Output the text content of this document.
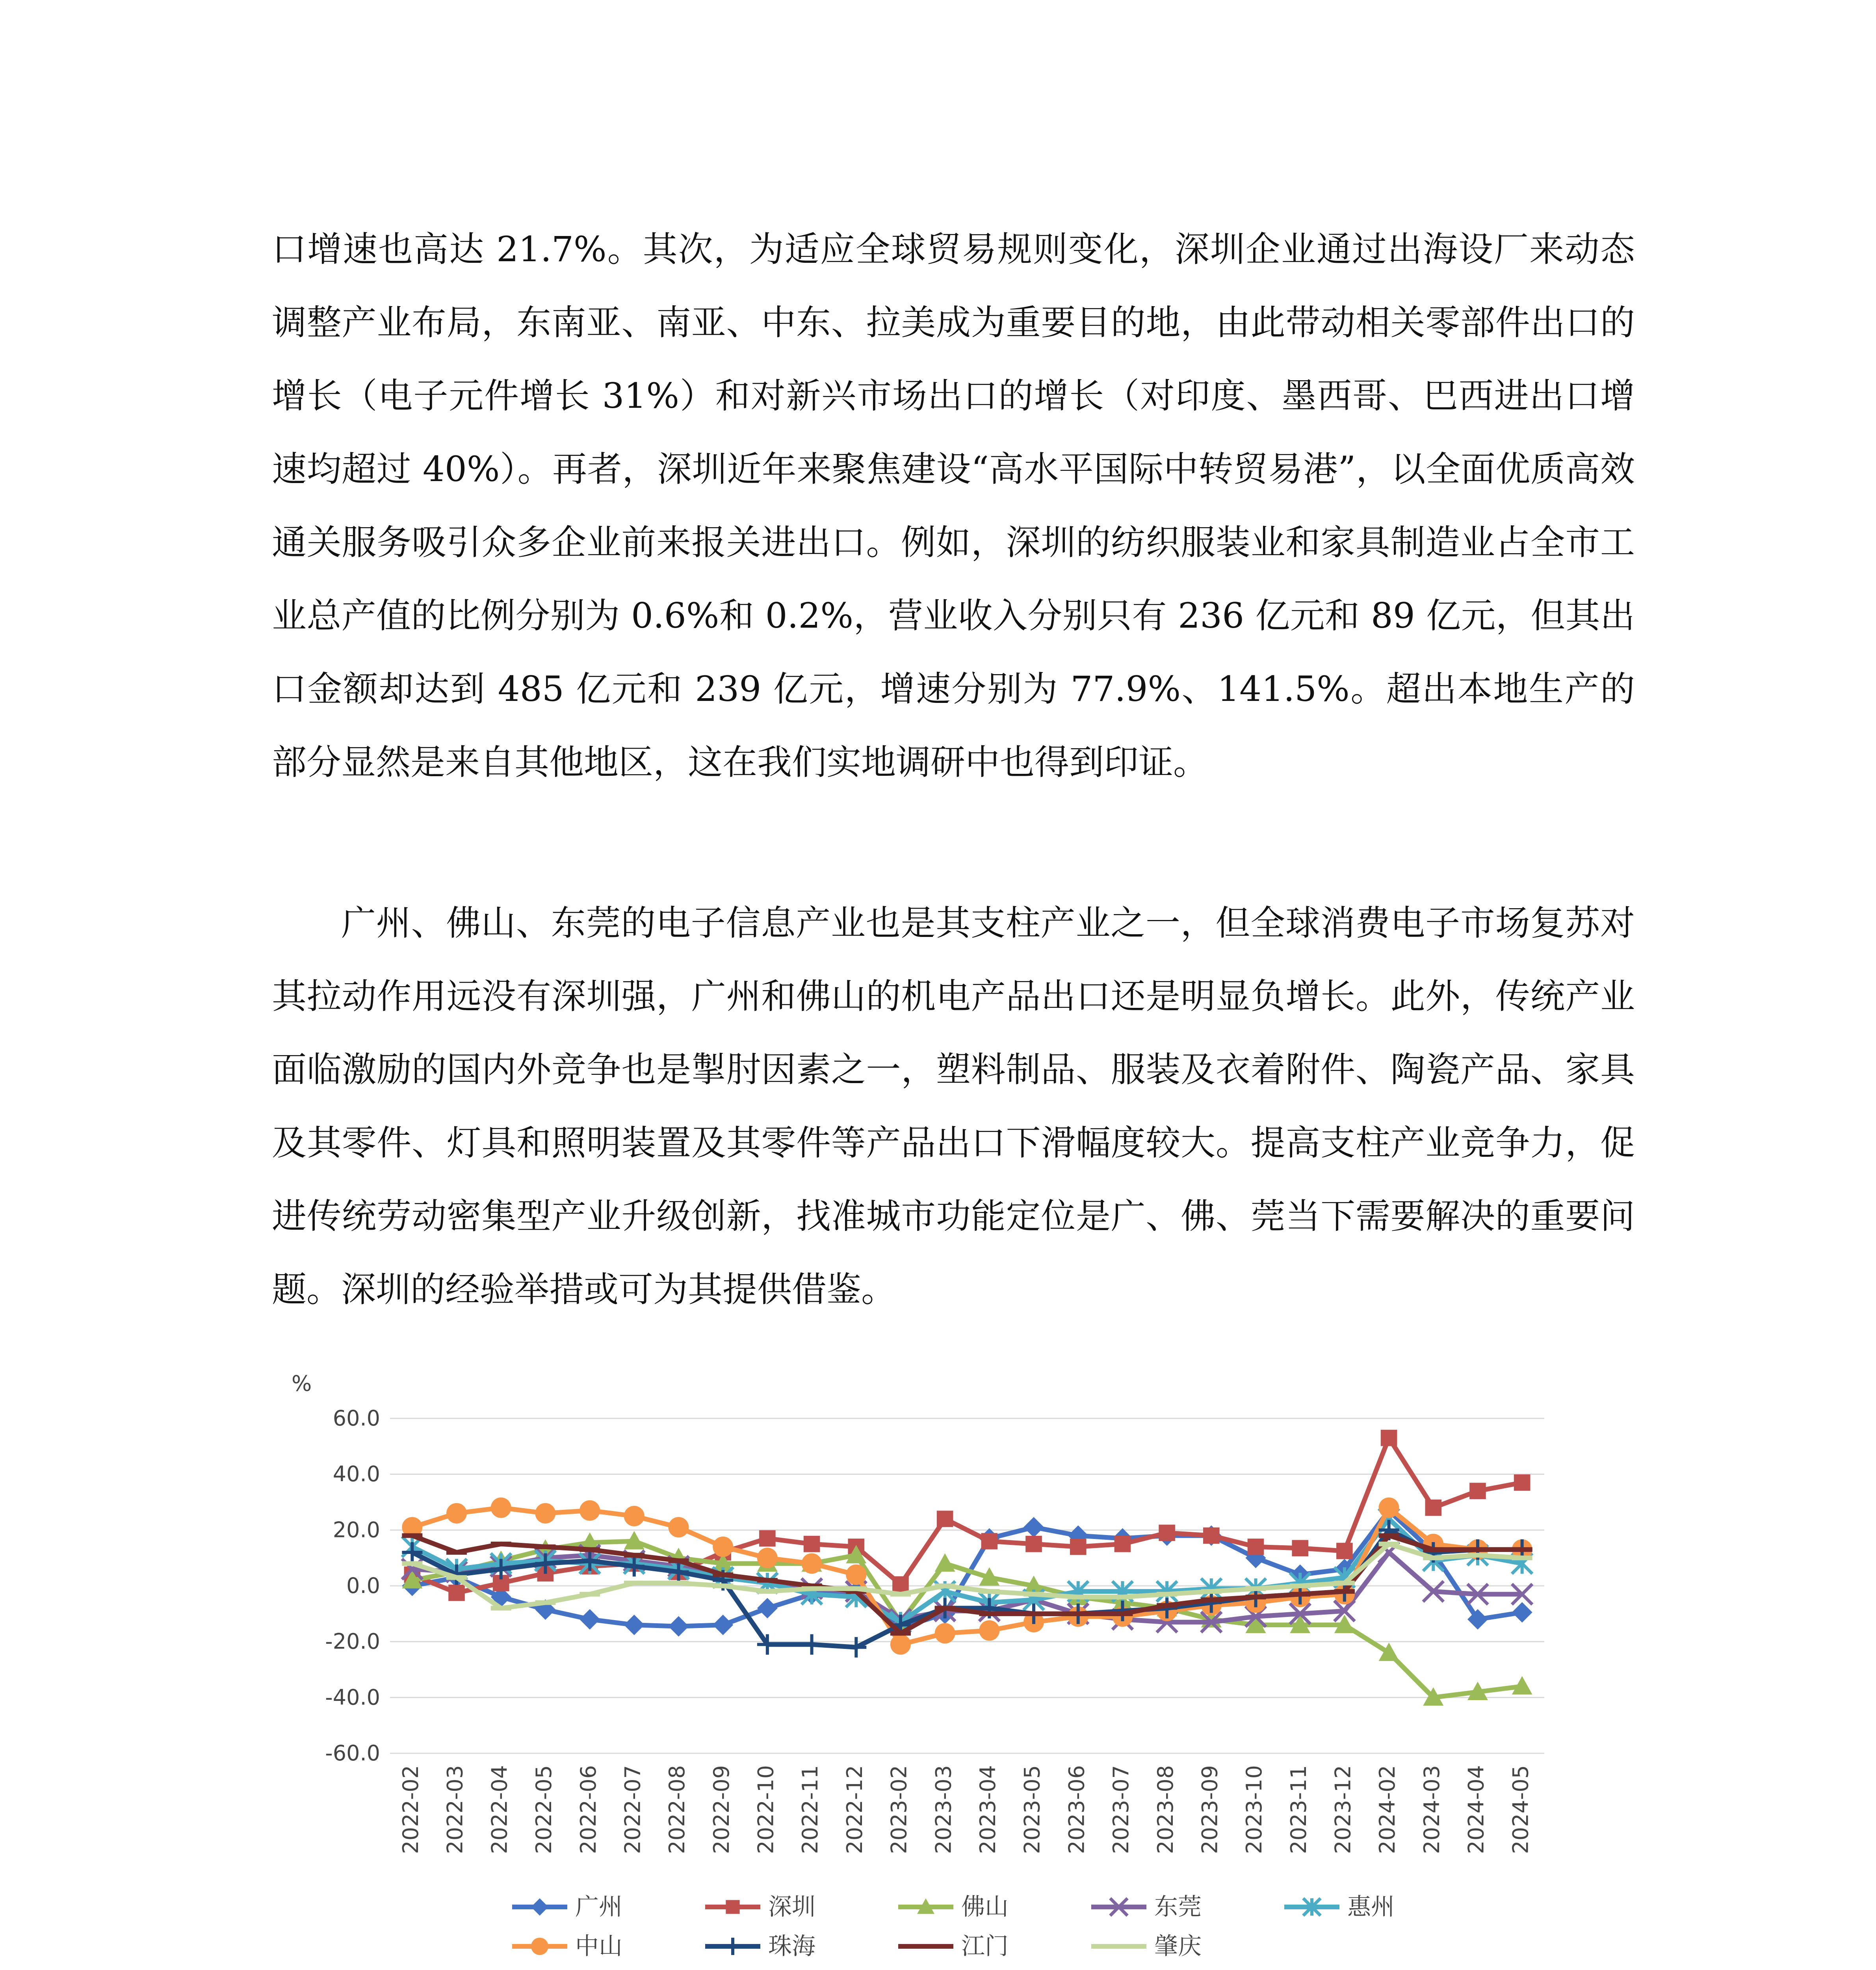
口增速也高达 21.7%。其次，为适应全球贸易规则变化，深圳企业通过出海设厂来动态调整产业布局，东南亚、南亚、中东、拉美成为重要目的地，由此带动相关零部件出口的增长（电子元件增长 31%）和对新兴市场出口的增长（对印度、墨西哥、巴西进出口增速均超过 40%）。再者，深圳近年来聚焦建设“高水平国际中转贸易港”，以全面优质高效通关服务吸引众多企业前来报关进出口。例如，深圳的纺织服装业和家具制造业占全市工业总产值的比例分别为 0.6%和 0.2%，营业收入分别只有 236 亿元和 89 亿元，但其出口金额却达到 485 亿元和 239 亿元，增速分别为 77.9%、141.5%。超出本地生产的部分显然是来自其他地区，这在我们实地调研中也得到印证。

广州、佛山、东莞的电子信息产业也是其支柱产业之一，但全球消费电子市场复苏对其拉动作用远没有深圳强，广州和佛山的机电产品出口还是明显负增长。此外，传统产业面临激励的国内外竞争也是掣肘因素之一，塑料制品、服装及衣着附件、陶瓷产品、家具及其零件、灯具和照明装置及其零件等产品出口下滑幅度较大。提高支柱产业竞争力，促进传统劳动密集型产业升级创新，找准城市功能定位是广、佛、莞当下需要解决的重要问题。深圳的经验举措或可为其提供借鉴。

%
60.0
40.0
20.0
0.0
-20.0
-40.0
-60.0
2022-02 2022-03 2022-04 2022-05 2022-06 2022-07 2022-08 2022-09 2022-10 2022-11 2022-12 2023-02 2023-03 2023-04 2023-05 2023-06 2023-07 2023-08 2023-09 2023-10 2023-11 2023-12 2024-02 2024-03 2024-04 2024-05
广州	深圳	佛山	东莞	惠州
中山	珠海	江门	肇庆
